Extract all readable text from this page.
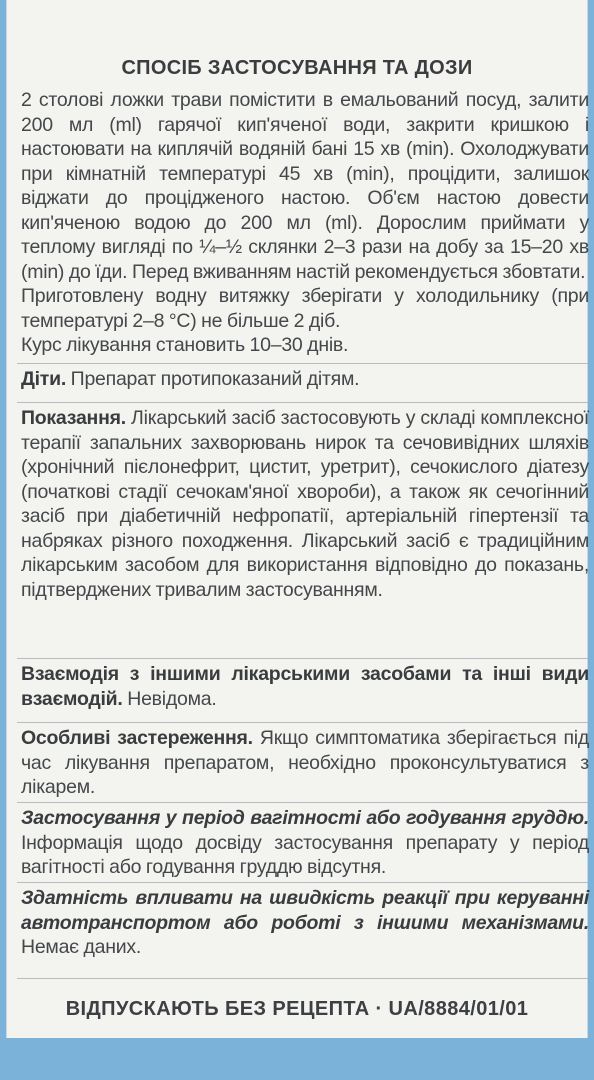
СПОСІБ ЗАСТОСУВАННЯ ТА ДОЗИ

2 столові ложки трави помістити в емальований посуд, залити 200 мл (ml) гарячої кип'яченої води, закрити кришкою і настоювати на киплячій водяній бані 15 хв (min). Охолоджувати при кімнатній температурі 45 хв (min), процідити, залишок віджати до процідженого настою. Об'єм настою довести кип'яченою водою до 200 мл (ml). Дорослим приймати у теплому вигляді по ¼–½ склянки 2–3 рази на добу за 15–20 хв (min) до їди. Перед вживанням настій рекомендується збовтати.

Приготовлену водну витяжку зберігати у холодильнику (при температурі 2–8 °С) не більше 2 діб.

Курс лікування становить 10–30 днів.

Діти. Препарат протипоказаний дітям.

Показання. Лікарський засіб застосовують у складі комплексної терапії запальних захворювань нирок та сечовивідних шляхів (хронічний пієлонефрит, цистит, уретрит), сечокислого діатезу (початкові стадії сечокам'яної хвороби), а також як сечогінний засіб при діабетичній нефропатії, артеріальній гіпертензії та набряках різного походження. Лікарський засіб є традиційним лікарським засобом для використання відповідно до показань, підтверджених тривалим застосуванням.

Взаємодія з іншими лікарськими засобами та інші види взаємодій. Невідома.

Особливі застереження. Якщо симптоматика зберігається під час лікування препаратом, необхідно проконсультуватися з лікарем.

Застосування у період вагітності або годування груддю. Інформація щодо досвіду застосування препарату у період вагітності або годування груддю відсутня.

Здатність впливати на швидкість реакції при керуванні автотранспортом або роботі з іншими механізмами. Немає даних.

ВІДПУСКАЮТЬ БЕЗ РЕЦЕПТА · UA/8884/01/01
